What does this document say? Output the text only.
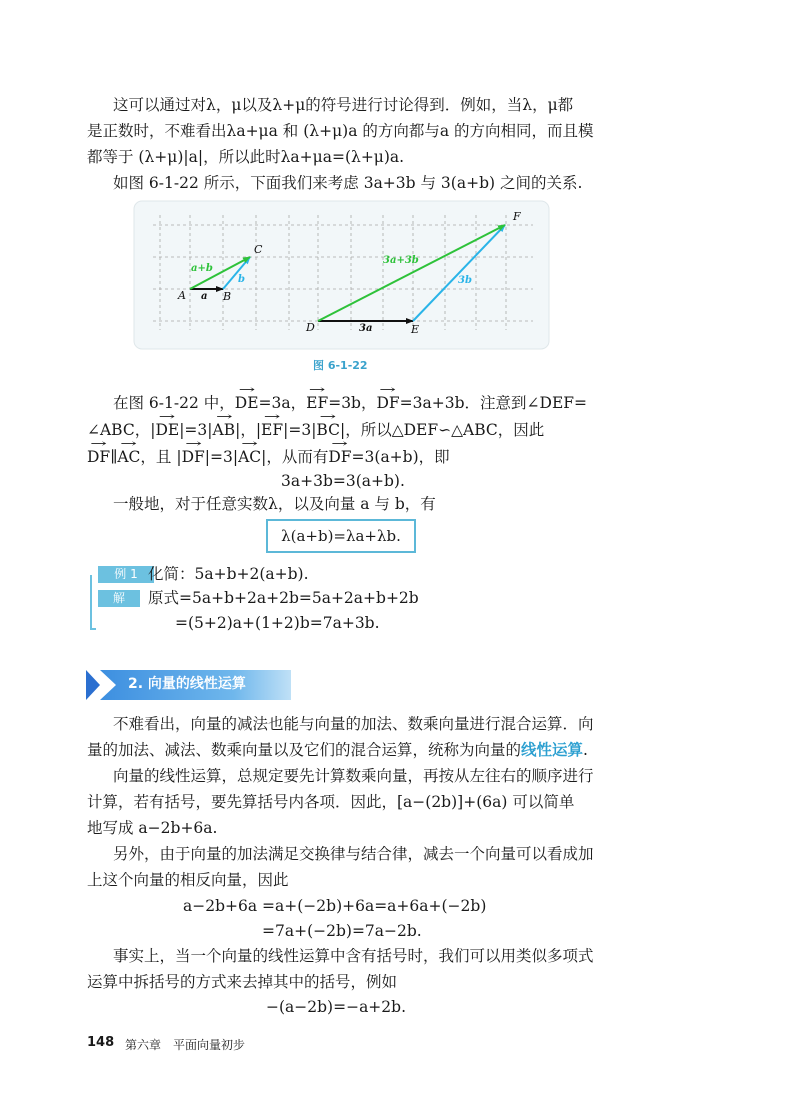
这可以通过对λ，μ以及λ+μ的符号进行讨论得到．例如，当λ，μ都
是正数时，不难看出λa+μa 和 (λ+μ)a 的方向都与a 的方向相同，而且模
都等于 (λ+μ)|a|，所以此时λa+μa=(λ+μ)a.
如图 6-1-22 所示，下面我们来考虑 3a+3b 与 3(a+b) 之间的关系.
A	B
C
D	E
F
a
b
a+b
3a
3b
3a+3b
图 6-1-22
在图 6-1-22 中，→ DE=3a，→ EF=3b，→ DF=3a+3b．注意到∠DEF=
∠ABC，|→ DE|=3|→ AB|，|→ EF|=3|→ BC|，所以△DEF∽△ABC，因此
→ DF∥→ AC，且 |→ DF|=3|→ AC|，从而有→ DF=3(a+b)，即
3a+3b=3(a+b).
一般地，对于任意实数λ，以及向量 a 与 b，有
λ(a+b)=λa+λb.
例 1 化简：5a+b+2(a+b).
解	原式=5a+b+2a+2b=5a+2a+b+2b
=(5+2)a+(1+2)b=7a+3b.
2. 向量的线性运算
不难看出，向量的减法也能与向量的加法、数乘向量进行混合运算．向
量的加法、减法、数乘向量以及它们的混合运算，统称为向量的线性运算.
向量的线性运算，总规定要先计算数乘向量，再按从左往右的顺序进行
计算，若有括号，要先算括号内各项．因此，[a−(2b)]+(6a) 可以简单
地写成 a−2b+6a.
另外，由于向量的加法满足交换律与结合律，减去一个向量可以看成加
上这个向量的相反向量，因此
a−2b+6a =a+(−2b)+6a=a+6a+(−2b)
=7a+(−2b)=7a−2b.
事实上，当一个向量的线性运算中含有括号时，我们可以用类似多项式
运算中拆括号的方式来去掉其中的括号，例如
−(a−2b)=−a+2b.
148 第六章　平面向量初步
